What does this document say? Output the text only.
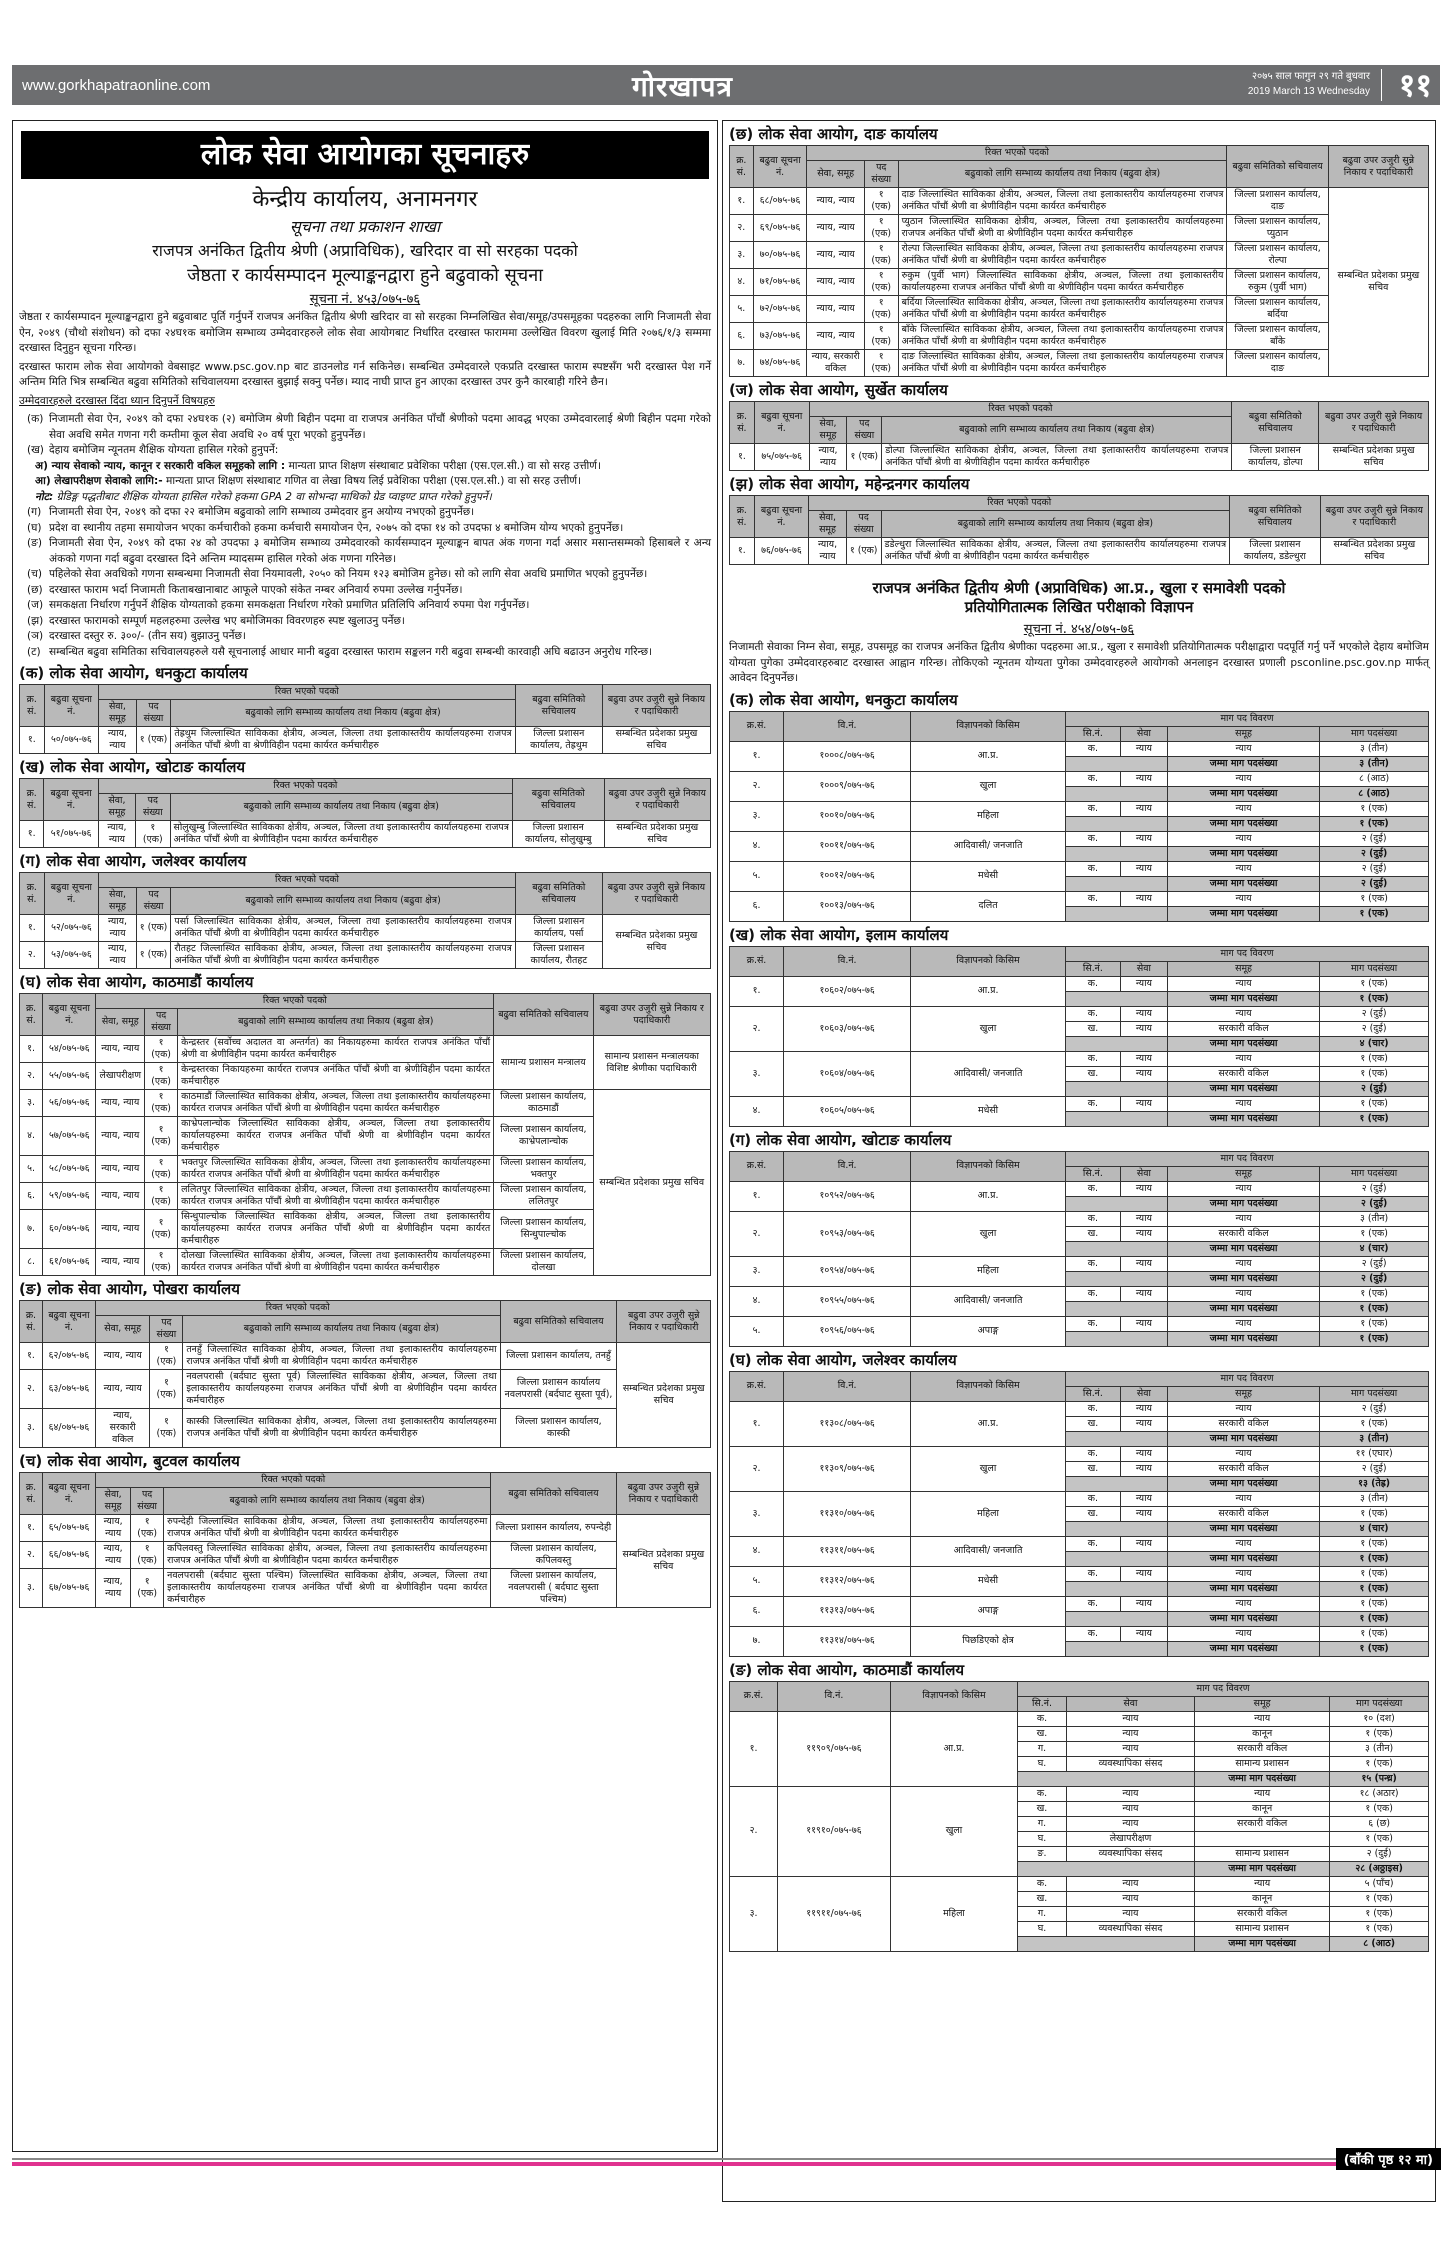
www.gorkhapatraonline.com	गोरखापत्र	२०७५ साल फागुन २९ गते बुधवार
2019 March 13 Wednesday ११
लोक सेवा आयोगका सूचनाहरु
केन्द्रीय कार्यालय, अनामनगर
सूचना तथा प्रकाशन शाखा
राजपत्र अनंकित द्वितीय श्रेणी (अप्राविधिक), खरिदार वा सो सरहका पदको
जेष्ठता र कार्यसम्पादन मूल्याङ्कनद्वारा हुने बढुवाको सूचना
सूचना नं. ४५३/०७५-७६
जेष्ठता र कार्यसम्पादन मूल्याङ्कनद्वारा हुने बढुवाबाट पूर्ति गर्नुपर्ने राजपत्र अनंकित द्वितीय श्रेणी खरिदार वा सो सरहका निम्नलिखित सेवा/समूह/उपसमूहका पदहरुका लागि निजामती सेवा ऐन, २०४९ (चौथो संशोधन) को दफा २४घ१क बमोजिम सम्भाव्य उम्मेदवारहरुले लोक सेवा आयोगबाट निर्धारित दरखास्त फाराममा उल्लेखित विवरण खुलाई मिति २०७६/१/३ सम्ममा दरखास्त दिनुहुन सूचना गरिन्छ।
दरखास्त फाराम लोक सेवा आयोगको वेबसाइट www.psc.gov.np बाट डाउनलोड गर्न सकिनेछ। सम्बन्धित उम्मेदवारले एकप्रति दरखास्त फाराम स्पष्टसँग भरी दरखास्त पेश गर्ने अन्तिम मिति भित्र सम्बन्धित बढुवा समितिको सचिवालयमा दरखास्त बुझाई सक्नु पर्नेछ। म्याद नाघी प्राप्त हुन आएका दरखास्त उपर कुनै कारबाही गरिने छैन।
उम्मेदवारहरुले दरखास्त दिंदा ध्यान दिनुपर्ने विषयहरु
(क) निजामती सेवा ऐन, २०४९ को दफा २४घ१क (२) बमोजिम श्रेणी बिहीन पदमा वा राजपत्र अनंकित पाँचौं श्रेणीको पदमा आवद्ध भएका उम्मेदवारलाई श्रेणी बिहीन पदमा गरेको सेवा अवधि समेत गणना गरी कम्तीमा कूल सेवा अवधि २० वर्ष पूरा भएको हुनुपर्नेछ।
(ख) देहाय बमोजिम न्यूनतम शैक्षिक योग्यता हासिल गरेको हुनुपर्ने:
अ) न्याय सेवाको न्याय, कानून र सरकारी वकिल समूहको लागि : मान्यता प्राप्त शिक्षण संस्थाबाट प्रवेशिका परीक्षा (एस.एल.सी.) वा सो सरह उत्तीर्ण।
आ) लेखापरीक्षण सेवाको लागि:- मान्यता प्राप्त शिक्षण संस्थाबाट गणित वा लेखा विषय लिई प्रवेशिका परीक्षा (एस.एल.सी.) वा सो सरह उत्तीर्ण।
नोट: ग्रेडिङ्ग पद्धतीबाट शैक्षिक योग्यता हासिल गरेको हकमा GPA 2 वा सोभन्दा माथिको ग्रेड प्वाइण्ट प्राप्त गरेको हुनुपर्ने।
(ग) निजामती सेवा ऐन, २०४९ को दफा २२ बमोजिम बढुवाको लागि सम्भाव्य उम्मेदवार हुन अयोग्य नभएको हुनुपर्नेछ।
(घ) प्रदेश वा स्थानीय तहमा समायोजन भएका कर्मचारीको हकमा कर्मचारी समायोजन ऐन, २०७५ को दफा १४ को उपदफा ४ बमोजिम योग्य भएको हुनुपर्नेछ।
(ङ) निजामती सेवा ऐन, २०४९ को दफा २४ को उपदफा ३ बमोजिम सम्भाव्य उम्मेदवारको कार्यसम्पादन मूल्याङ्कन बापत अंक गणना गर्दा असार मसान्तसम्मको हिसाबले र अन्य अंकको गणना गर्दा बढुवा दरखास्त दिने अन्तिम म्यादसम्म हासिल गरेको अंक गणना गरिनेछ।
(च) पहिलेको सेवा अवधिको गणना सम्बन्धमा निजामती सेवा नियमावली, २०५० को नियम १२३ बमोजिम हुनेछ। सो को लागि सेवा अवधि प्रमाणित भएको हुनुपर्नेछ।
(छ) दरखास्त फाराम भर्दा निजामती किताबखानाबाट आफूले पाएको संकेत नम्बर अनिवार्य रुपमा उल्लेख गर्नुपर्नेछ।
(ज) समकक्षता निर्धारण गर्नुपर्ने शैक्षिक योग्यताको हकमा समकक्षता निर्धारण गरेको प्रमाणित प्रतिलिपि अनिवार्य रुपमा पेश गर्नुपर्नेछ।
(झ) दरखास्त फारामको सम्पूर्ण महलहरुमा उल्लेख भए बमोजिमका विवरणहरु स्पष्ट खुलाउनु पर्नेछ।
(ञ) दरखास्त दस्तुर रु. ३००/- (तीन सय) बुझाउनु पर्नेछ।
(ट) सम्बन्धित बढुवा समितिका सचिवालयहरुले यसै सूचनालाई आधार मानी बढुवा दरखास्त फाराम सङ्कलन गरी बढुवा सम्बन्धी कारवाही अघि बढाउन अनुरोध गरिन्छ।
(क) लोक सेवा आयोग, धनकुटा कार्यालय
क्र. सं.	बढुवा सूचना नं.	रिक्त भएको पदको	बढुवा समितिको सचिवालय	बढुवा उपर उजुरी सुन्ने निकाय र पदाधिकारी
सेवा, समूह	पद संख्या	बढुवाको लागि सम्भाव्य कार्यालय तथा निकाय (बढुवा क्षेत्र)
१.	५०/०७५-७६	न्याय, न्याय	१ (एक)	तेह्रथुम जिल्लास्थित साविकका क्षेत्रीय, अञ्चल, जिल्ला तथा इलाकास्तरीय कार्यालयहरुमा राजपत्र अनंकित पाँचौं श्रेणी वा श्रेणीविहीन पदमा कार्यरत कर्मचारीहरु	जिल्ला प्रशासन कार्यालय, तेह्रथुम	सम्बन्धित प्रदेशका प्रमुख सचिव
(ख) लोक सेवा आयोग, खोटाङ कार्यालय
क्र. सं.	बढुवा सूचना नं.	रिक्त भएको पदको	बढुवा समितिको सचिवालय	बढुवा उपर उजुरी सुन्ने निकाय र पदाधिकारी
सेवा, समूह	पद संख्या	बढुवाको लागि सम्भाव्य कार्यालय तथा निकाय (बढुवा क्षेत्र)
१.	५१/०७५-७६	न्याय, न्याय	१ (एक)	सोलुखुम्बु जिल्लास्थित साविकका क्षेत्रीय, अञ्चल, जिल्ला तथा इलाकास्तरीय कार्यालयहरुमा राजपत्र अनंकित पाँचौं श्रेणी वा श्रेणीविहीन पदमा कार्यरत कर्मचारीहरु	जिल्ला प्रशासन कार्यालय, सोलुखुम्बु	सम्बन्धित प्रदेशका प्रमुख सचिव
(ग) लोक सेवा आयोग, जलेश्वर कार्यालय
क्र. सं.	बढुवा सूचना नं.	रिक्त भएको पदको	बढुवा समितिको सचिवालय	बढुवा उपर उजुरी सुन्ने निकाय र पदाधिकारी
सेवा, समूह	पद संख्या	बढुवाको लागि सम्भाव्य कार्यालय तथा निकाय (बढुवा क्षेत्र)
१.	५२/०७५-७६	न्याय, न्याय	१ (एक)	पर्सा जिल्लास्थित साविकका क्षेत्रीय, अञ्चल, जिल्ला तथा इलाकास्तरीय कार्यालयहरुमा राजपत्र अनंकित पाँचौं श्रेणी वा श्रेणीविहीन पदमा कार्यरत कर्मचारीहरु	जिल्ला प्रशासन कार्यालय, पर्सा	सम्बन्धित प्रदेशका प्रमुख सचिव
२.	५३/०७५-७६	न्याय, न्याय	१ (एक)	रौतहट जिल्लास्थित साविकका क्षेत्रीय, अञ्चल, जिल्ला तथा इलाकास्तरीय कार्यालयहरुमा राजपत्र अनंकित पाँचौं श्रेणी वा श्रेणीविहीन पदमा कार्यरत कर्मचारीहरु	जिल्ला प्रशासन कार्यालय, रौतहट
(घ) लोक सेवा आयोग, काठमाडौं कार्यालय
क्र. सं.	बढुवा सूचना नं.	रिक्त भएको पदको	बढुवा समितिको सचिवालय	बढुवा उपर उजुरी सुन्ने निकाय र पदाधिकारी
सेवा, समूह	पद संख्या	बढुवाको लागि सम्भाव्य कार्यालय तथा निकाय (बढुवा क्षेत्र)
१.	५४/०७५-७६	न्याय, न्याय	१ (एक)	केन्द्रस्तर (सर्वोच्च अदालत वा अन्तर्गत) का निकायहरुमा कार्यरत राजपत्र अनंकित पाँचौं श्रेणी वा श्रेणीविहीन पदमा कार्यरत कर्मचारीहरु	सामान्य प्रशासन मन्त्रालय	सामान्य प्रशासन मन्त्रालयका विशिष्ट श्रेणीका पदाधिकारी
२.	५५/०७५-७६	लेखापरीक्षण	१ (एक)	केन्द्रस्तरका निकायहरुमा कार्यरत राजपत्र अनंकित पाँचौं श्रेणी वा श्रेणीविहीन पदमा कार्यरत कर्मचारीहरु
३.	५६/०७५-७६	न्याय, न्याय	१ (एक)	काठमाडौं जिल्लास्थित साविकका क्षेत्रीय, अञ्चल, जिल्ला तथा इलाकास्तरीय कार्यालयहरुमा कार्यरत राजपत्र अनंकित पाँचौं श्रेणी वा श्रेणीविहीन पदमा कार्यरत कर्मचारीहरु	जिल्ला प्रशासन कार्यालय, काठमाडौं	सम्बन्धित प्रदेशका प्रमुख सचिव
४.	५७/०७५-७६	न्याय, न्याय	१ (एक)	काभ्रेपलान्चोक जिल्लास्थित साविकका क्षेत्रीय, अञ्चल, जिल्ला तथा इलाकास्तरीय कार्यालयहरुमा कार्यरत राजपत्र अनंकित पाँचौं श्रेणी वा श्रेणीविहीन पदमा कार्यरत कर्मचारीहरु	जिल्ला प्रशासन कार्यालय, काभ्रेपलान्चोक
५.	५८/०७५-७६	न्याय, न्याय	१ (एक)	भक्तपुर जिल्लास्थित साविकका क्षेत्रीय, अञ्चल, जिल्ला तथा इलाकास्तरीय कार्यालयहरुमा कार्यरत राजपत्र अनंकित पाँचौं श्रेणी वा श्रेणीविहीन पदमा कार्यरत कर्मचारीहरु	जिल्ला प्रशासन कार्यालय, भक्तपुर
६.	५९/०७५-७६	न्याय, न्याय	१ (एक)	ललितपुर जिल्लास्थित साविकका क्षेत्रीय, अञ्चल, जिल्ला तथा इलाकास्तरीय कार्यालयहरुमा कार्यरत राजपत्र अनंकित पाँचौं श्रेणी वा श्रेणीविहीन पदमा कार्यरत कर्मचारीहरु	जिल्ला प्रशासन कार्यालय, ललितपुर
७.	६०/०७५-७६	न्याय, न्याय	१ (एक)	सिन्धुपाल्चोक जिल्लास्थित साविकका क्षेत्रीय, अञ्चल, जिल्ला तथा इलाकास्तरीय कार्यालयहरुमा कार्यरत राजपत्र अनंकित पाँचौं श्रेणी वा श्रेणीविहीन पदमा कार्यरत कर्मचारीहरु	जिल्ला प्रशासन कार्यालय, सिन्धुपाल्चोक
८.	६१/०७५-७६	न्याय, न्याय	१ (एक)	दोलखा जिल्लास्थित साविकका क्षेत्रीय, अञ्चल, जिल्ला तथा इलाकास्तरीय कार्यालयहरुमा कार्यरत राजपत्र अनंकित पाँचौं श्रेणी वा श्रेणीविहीन पदमा कार्यरत कर्मचारीहरु	जिल्ला प्रशासन कार्यालय, दोलखा
(ङ) लोक सेवा आयोग, पोखरा कार्यालय
क्र. सं.	बढुवा सूचना नं.	रिक्त भएको पदको	बढुवा समितिको सचिवालय	बढुवा उपर उजुरी सुन्ने निकाय र पदाधिकारी
सेवा, समूह	पद संख्या	बढुवाको लागि सम्भाव्य कार्यालय तथा निकाय (बढुवा क्षेत्र)
१.	६२/०७५-७६	न्याय, न्याय	१ (एक)	तनहुँ जिल्लास्थित साविकका क्षेत्रीय, अञ्चल, जिल्ला तथा इलाकास्तरीय कार्यालयहरुमा राजपत्र अनंकित पाँचौं श्रेणी वा श्रेणीविहीन पदमा कार्यरत कर्मचारीहरु	जिल्ला प्रशासन कार्यालय, तनहुँ	सम्बन्धित प्रदेशका प्रमुख सचिव
२.	६३/०७५-७६	न्याय, न्याय	१ (एक)	नवलपरासी (बर्दघाट सुस्ता पूर्व) जिल्लास्थित साविकका क्षेत्रीय, अञ्चल, जिल्ला तथा इलाकास्तरीय कार्यालयहरुमा राजपत्र अनंकित पाँचौं श्रेणी वा श्रेणीविहीन पदमा कार्यरत कर्मचारीहरु	जिल्ला प्रशासन कार्यालय नवलपरासी (बर्दघाट सुस्ता पूर्व),
३.	६४/०७५-७६	न्याय, सरकारी वकिल	१ (एक)	कास्की जिल्लास्थित साविकका क्षेत्रीय, अञ्चल, जिल्ला तथा इलाकास्तरीय कार्यालयहरुमा राजपत्र अनंकित पाँचौं श्रेणी वा श्रेणीविहीन पदमा कार्यरत कर्मचारीहरु	जिल्ला प्रशासन कार्यालय, कास्की
(च) लोक सेवा आयोग, बुटवल कार्यालय
क्र. सं.	बढुवा सूचना नं.	रिक्त भएको पदको	बढुवा समितिको सचिवालय	बढुवा उपर उजुरी सुन्ने निकाय र पदाधिकारी
सेवा, समूह	पद संख्या	बढुवाको लागि सम्भाव्य कार्यालय तथा निकाय (बढुवा क्षेत्र)
१.	६५/०७५-७६	न्याय, न्याय	१ (एक)	रुपन्देही जिल्लास्थित साविकका क्षेत्रीय, अञ्चल, जिल्ला तथा इलाकास्तरीय कार्यालयहरुमा राजपत्र अनंकित पाँचौं श्रेणी वा श्रेणीविहीन पदमा कार्यरत कर्मचारीहरु	जिल्ला प्रशासन कार्यालय, रुपन्देही	सम्बन्धित प्रदेशका प्रमुख सचिव
२.	६६/०७५-७६	न्याय, न्याय	१ (एक)	कपिलवस्तु जिल्लास्थित साविकका क्षेत्रीय, अञ्चल, जिल्ला तथा इलाकास्तरीय कार्यालयहरुमा राजपत्र अनंकित पाँचौं श्रेणी वा श्रेणीविहीन पदमा कार्यरत कर्मचारीहरु	जिल्ला प्रशासन कार्यालय, कपिलवस्तु
३.	६७/०७५-७६	न्याय, न्याय	१ (एक)	नवलपरासी (बर्दघाट सुस्ता पश्चिम) जिल्लास्थित साविकका क्षेत्रीय, अञ्चल, जिल्ला तथा इलाकास्तरीय कार्यालयहरुमा राजपत्र अनंकित पाँचौं श्रेणी वा श्रेणीविहीन पदमा कार्यरत कर्मचारीहरु	जिल्ला प्रशासन कार्यालय, नवलपरासी ( बर्दघाट सुस्ता पश्चिम)
(छ) लोक सेवा आयोग, दाङ कार्यालय
क्र. सं.	बढुवा सूचना नं.	रिक्त भएको पदको	बढुवा समितिको सचिवालय	बढुवा उपर उजुरी सुन्ने निकाय र पदाधिकारी
सेवा, समूह	पद संख्या	बढुवाको लागि सम्भाव्य कार्यालय तथा निकाय (बढुवा क्षेत्र)
१.	६८/०७५-७६	न्याय, न्याय	१ (एक)	दाङ जिल्लास्थित साविकका क्षेत्रीय, अञ्चल, जिल्ला तथा इलाकास्तरीय कार्यालयहरुमा राजपत्र अनंकित पाँचौं श्रेणी वा श्रेणीविहीन पदमा कार्यरत कर्मचारीहरु	जिल्ला प्रशासन कार्यालय, दाङ	सम्बन्धित प्रदेशका प्रमुख सचिव
२.	६९/०७५-७६	न्याय, न्याय	१ (एक)	प्युठान जिल्लास्थित साविकका क्षेत्रीय, अञ्चल, जिल्ला तथा इलाकास्तरीय कार्यालयहरुमा राजपत्र अनंकित पाँचौं श्रेणी वा श्रेणीविहीन पदमा कार्यरत कर्मचारीहरु	जिल्ला प्रशासन कार्यालय, प्युठान
३.	७०/०७५-७६	न्याय, न्याय	१ (एक)	रोल्पा जिल्लास्थित साविकका क्षेत्रीय, अञ्चल, जिल्ला तथा इलाकास्तरीय कार्यालयहरुमा राजपत्र अनंकित पाँचौं श्रेणी वा श्रेणीविहीन पदमा कार्यरत कर्मचारीहरु	जिल्ला प्रशासन कार्यालय, रोल्पा
४.	७१/०७५-७६	न्याय, न्याय	१ (एक)	रुकुम (पुर्वी भाग) जिल्लास्थित साविकका क्षेत्रीय, अञ्चल, जिल्ला तथा इलाकास्तरीय कार्यालयहरुमा राजपत्र अनंकित पाँचौं श्रेणी वा श्रेणीविहीन पदमा कार्यरत कर्मचारीहरु	जिल्ला प्रशासन कार्यालय, रुकुम (पुर्वी भाग)
५.	७२/०७५-७६	न्याय, न्याय	१ (एक)	बर्दिया जिल्लास्थित साविकका क्षेत्रीय, अञ्चल, जिल्ला तथा इलाकास्तरीय कार्यालयहरुमा राजपत्र अनंकित पाँचौं श्रेणी वा श्रेणीविहीन पदमा कार्यरत कर्मचारीहरु	जिल्ला प्रशासन कार्यालय, बर्दिया
६.	७३/०७५-७६	न्याय, न्याय	१ (एक)	बाँके जिल्लास्थित साविकका क्षेत्रीय, अञ्चल, जिल्ला तथा इलाकास्तरीय कार्यालयहरुमा राजपत्र अनंकित पाँचौं श्रेणी वा श्रेणीविहीन पदमा कार्यरत कर्मचारीहरु	जिल्ला प्रशासन कार्यालय, बाँके
७.	७४/०७५-७६	न्याय, सरकारी वकिल	१ (एक)	दाङ जिल्लास्थित साविकका क्षेत्रीय, अञ्चल, जिल्ला तथा इलाकास्तरीय कार्यालयहरुमा राजपत्र अनंकित पाँचौं श्रेणी वा श्रेणीविहीन पदमा कार्यरत कर्मचारीहरु	जिल्ला प्रशासन कार्यालय, दाङ
(ज) लोक सेवा आयोग, सुर्खेत कार्यालय
क्र. सं.	बढुवा सूचना नं.	रिक्त भएको पदको	बढुवा समितिको सचिवालय	बढुवा उपर उजुरी सुन्ने निकाय र पदाधिकारी
सेवा, समूह	पद संख्या	बढुवाको लागि सम्भाव्य कार्यालय तथा निकाय (बढुवा क्षेत्र)
१.	७५/०७५-७६	न्याय, न्याय	१ (एक)	डोल्पा जिल्लास्थित साविकका क्षेत्रीय, अञ्चल, जिल्ला तथा इलाकास्तरीय कार्यालयहरुमा राजपत्र अनंकित पाँचौं श्रेणी वा श्रेणीविहीन पदमा कार्यरत कर्मचारीहरु	जिल्ला प्रशासन कार्यालय, डोल्पा	सम्बन्धित प्रदेशका प्रमुख सचिव
(झ) लोक सेवा आयोग, महेन्द्रनगर कार्यालय
क्र. सं.	बढुवा सूचना नं.	रिक्त भएको पदको	बढुवा समितिको सचिवालय	बढुवा उपर उजुरी सुन्ने निकाय र पदाधिकारी
सेवा, समूह	पद संख्या	बढुवाको लागि सम्भाव्य कार्यालय तथा निकाय (बढुवा क्षेत्र)
१.	७६/०७५-७६	न्याय, न्याय	१ (एक)	डडेल्धुरा जिल्लास्थित साविकका क्षेत्रीय, अञ्चल, जिल्ला तथा इलाकास्तरीय कार्यालयहरुमा राजपत्र अनंकित पाँचौं श्रेणी वा श्रेणीविहीन पदमा कार्यरत कर्मचारीहरु	जिल्ला प्रशासन कार्यालय, डडेल्धुरा	सम्बन्धित प्रदेशका प्रमुख सचिव
राजपत्र अनंकित द्वितीय श्रेणी (अप्राविधिक) आ.प्र., खुला र समावेशी पदको
प्रतियोगितात्मक लिखित परीक्षाको विज्ञापन
सूचना नं. ४५४/०७५-७६
निजामती सेवाका निम्न सेवा, समूह, उपसमूह का राजपत्र अनंकित द्वितीय श्रेणीका पदहरुमा आ.प्र., खुला र समावेशी प्रतियोगितात्मक परीक्षाद्वारा पदपूर्ति गर्नु पर्ने भएकोले देहाय बमोजिम योग्यता पुगेका उम्मेदवारहरुबाट दरखास्त आह्वान गरिन्छ। तोकिएको न्यूनतम योग्यता पुगेका उम्मेदवारहरुले आयोगको अनलाइन दरखास्त प्रणाली psconline.psc.gov.np मार्फत् आवेदन दिनुपर्नेछ।
(क) लोक सेवा आयोग, धनकुटा कार्यालय
क्र.सं.	वि.नं.	विज्ञापनको किसिम	माग पद विवरण
सि.नं.	सेवा	समूह	माग पदसंख्या
१.	१०००८/०७५-७६	आ.प्र.	क.	न्याय	न्याय	३ (तीन)
	जम्मा माग पदसंख्या	३ (तीन)
२.	१०००९/०७५-७६	खुला	क.	न्याय	न्याय	८ (आठ)
	जम्मा माग पदसंख्या	८ (आठ)
३.	१००१०/०७५-७६	महिला	क.	न्याय	न्याय	१ (एक)
	जम्मा माग पदसंख्या	१ (एक)
४.	१००११/०७५-७६	आदिवासी/ जनजाति	क.	न्याय	न्याय	२ (दुई)
	जम्मा माग पदसंख्या	२ (दुई)
५.	१००१२/०७५-७६	मधेसी	क.	न्याय	न्याय	२ (दुई)
	जम्मा माग पदसंख्या	२ (दुई)
६.	१००१३/०७५-७६	दलित	क.	न्याय	न्याय	१ (एक)
	जम्मा माग पदसंख्या	१ (एक)
(ख) लोक सेवा आयोग, इलाम कार्यालय
क्र.सं.	वि.नं.	विज्ञापनको किसिम	माग पद विवरण
सि.नं.	सेवा	समूह	माग पदसंख्या
१.	१०६०२/०७५-७६	आ.प्र.	क.	न्याय	न्याय	१ (एक)
	जम्मा माग पदसंख्या	१ (एक)
२.	१०६०३/०७५-७६	खुला	क.	न्याय	न्याय	२ (दुई)
ख.	न्याय	सरकारी वकिल	२ (दुई)
	जम्मा माग पदसंख्या	४ (चार)
३.	१०६०४/०७५-७६	आदिवासी/ जनजाति	क.	न्याय	न्याय	१ (एक)
ख.	न्याय	सरकारी वकिल	१ (एक)
	जम्मा माग पदसंख्या	२ (दुई)
४.	१०६०५/०७५-७६	मधेसी	क.	न्याय	न्याय	१ (एक)
	जम्मा माग पदसंख्या	१ (एक)
(ग) लोक सेवा आयोग, खोटाङ कार्यालय
क्र.सं.	वि.नं.	विज्ञापनको किसिम	माग पद विवरण
सि.नं.	सेवा	समूह	माग पदसंख्या
१.	१०९५२/०७५-७६	आ.प्र.	क.	न्याय	न्याय	२ (दुई)
	जम्मा माग पदसंख्या	२ (दुई)
२.	१०९५३/०७५-७६	खुला	क.	न्याय	न्याय	३ (तीन)
ख.	न्याय	सरकारी वकिल	१ (एक)
	जम्मा माग पदसंख्या	४ (चार)
३.	१०९५४/०७५-७६	महिला	क.	न्याय	न्याय	२ (दुई)
	जम्मा माग पदसंख्या	२ (दुई)
४.	१०९५५/०७५-७६	आदिवासी/ जनजाति	क.	न्याय	न्याय	१ (एक)
	जम्मा माग पदसंख्या	१ (एक)
५.	१०९५६/०७५-७६	अपाङ्ग	क.	न्याय	न्याय	१ (एक)
	जम्मा माग पदसंख्या	१ (एक)
(घ) लोक सेवा आयोग, जलेश्वर कार्यालय
क्र.सं.	वि.नं.	विज्ञापनको किसिम	माग पद विवरण
सि.नं.	सेवा	समूह	माग पदसंख्या
१.	११३०८/०७५-७६	आ.प्र.	क.	न्याय	न्याय	२ (दुई)
ख.	न्याय	सरकारी वकिल	१ (एक)
	जम्मा माग पदसंख्या	३ (तीन)
२.	११३०९/०७५-७६	खुला	क.	न्याय	न्याय	११ (एघार)
ख.	न्याय	सरकारी वकिल	२ (दुई)
	जम्मा माग पदसंख्या	१३ (तेह्र)
३.	११३१०/०७५-७६	महिला	क.	न्याय	न्याय	३ (तीन)
ख.	न्याय	सरकारी वकिल	१ (एक)
	जम्मा माग पदसंख्या	४ (चार)
४.	११३११/०७५-७६	आदिवासी/ जनजाति	क.	न्याय	न्याय	१ (एक)
	जम्मा माग पदसंख्या	१ (एक)
५.	११३१२/०७५-७६	मधेसी	क.	न्याय	न्याय	१ (एक)
	जम्मा माग पदसंख्या	१ (एक)
६.	११३१३/०७५-७६	अपाङ्ग	क.	न्याय	न्याय	१ (एक)
	जम्मा माग पदसंख्या	१ (एक)
७.	११३१४/०७५-७६	पिछडिएको क्षेत्र	क.	न्याय	न्याय	१ (एक)
	जम्मा माग पदसंख्या	१ (एक)
(ङ) लोक सेवा आयोग, काठमाडौं कार्यालय
क्र.सं.	वि.नं.	विज्ञापनको किसिम	माग पद विवरण
सि.नं.	सेवा	समूह	माग पदसंख्या
१.	११९०९/०७५-७६	आ.प्र.	क.	न्याय	न्याय	१० (दश)
ख.	न्याय	कानून	१ (एक)
ग.	न्याय	सरकारी वकिल	३ (तीन)
घ.	व्यवस्थापिका संसद	सामान्य प्रशासन	१ (एक)
	जम्मा माग पदसंख्या	१५ (पन्ध्र)
२.	११९१०/०७५-७६	खुला	क.	न्याय	न्याय	१८ (अठार)
ख.	न्याय	कानून	१ (एक)
ग.	न्याय	सरकारी वकिल	६ (छ)
घ.	लेखापरीक्षण		१ (एक)
ङ.	व्यवस्थापिका संसद	सामान्य प्रशासन	२ (दुई)
	जम्मा माग पदसंख्या	२८ (अठ्ठाइस)
३.	११९११/०७५-७६	महिला	क.	न्याय	न्याय	५ (पाँच)
ख.	न्याय	कानून	१ (एक)
ग.	न्याय	सरकारी वकिल	१ (एक)
घ.	व्यवस्थापिका संसद	सामान्य प्रशासन	१ (एक)
	जम्मा माग पदसंख्या	८ (आठ)
(बाँकी पृष्ठ १२ मा)
